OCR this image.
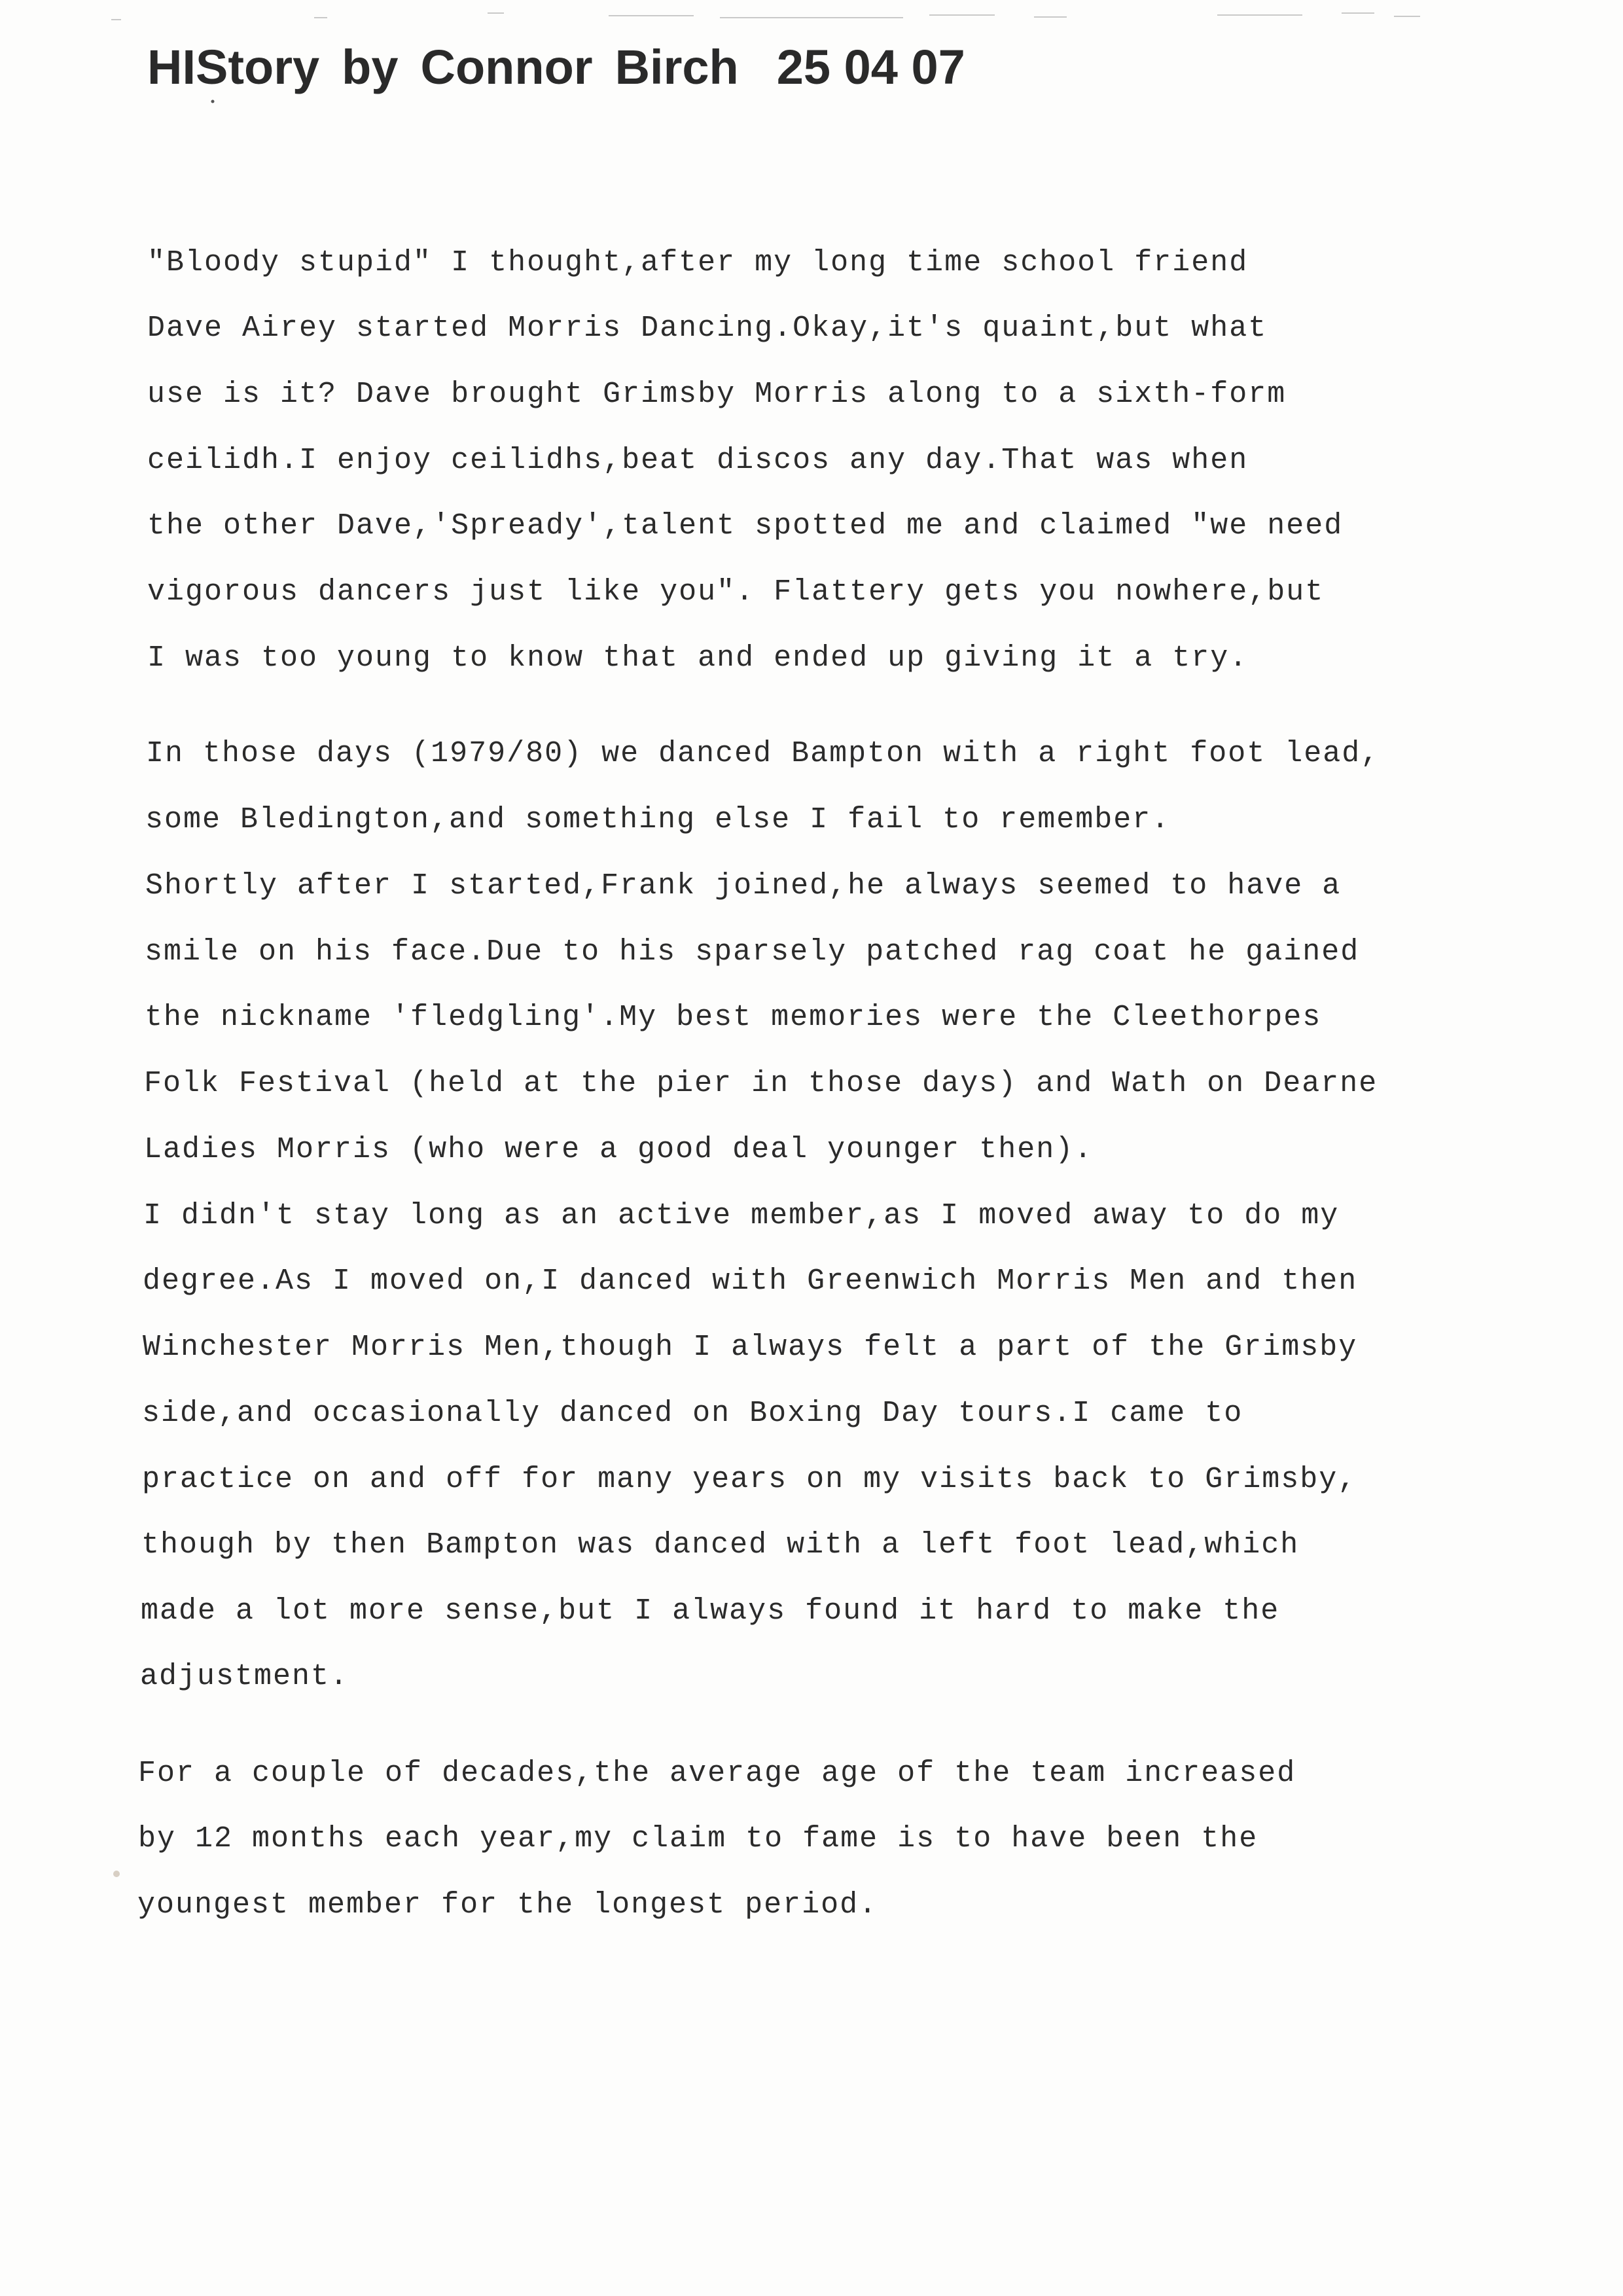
HIStory by Connor Birch 25 04 07
"Bloody stupid" I thought,after my long time school friend
Dave Airey started Morris Dancing.Okay,it's quaint,but what
use is it? Dave brought Grimsby Morris along to a sixth-form
ceilidh.I enjoy ceilidhs,beat discos any day.That was when
the other Dave,'Spready',talent spotted me and claimed "we need
vigorous dancers just like you". Flattery gets you nowhere,but
I was too young to know that and ended up giving it a try.
In those days (1979/80) we danced Bampton with a right foot lead,
some Bledington,and something else I fail to remember.
Shortly after I started,Frank joined,he always seemed to have a
smile on his face.Due to his sparsely patched rag coat he gained
the nickname 'fledgling'.My best memories were the Cleethorpes
Folk Festival (held at the pier in those days) and Wath on Dearne
Ladies Morris (who were a good deal younger then).
I didn't stay long as an active member,as I moved away to do my
degree.As I moved on,I danced with Greenwich Morris Men and then
Winchester Morris Men,though I always felt a part of the Grimsby
side,and occasionally danced on Boxing Day tours.I came to
practice on and off for many years on my visits back to Grimsby,
though by then Bampton was danced with a left foot lead,which
made a lot more sense,but I always found it hard to make the
adjustment.
For a couple of decades,the average age of the team increased
by 12 months each year,my claim to fame is to have been the
youngest member for the longest period.
